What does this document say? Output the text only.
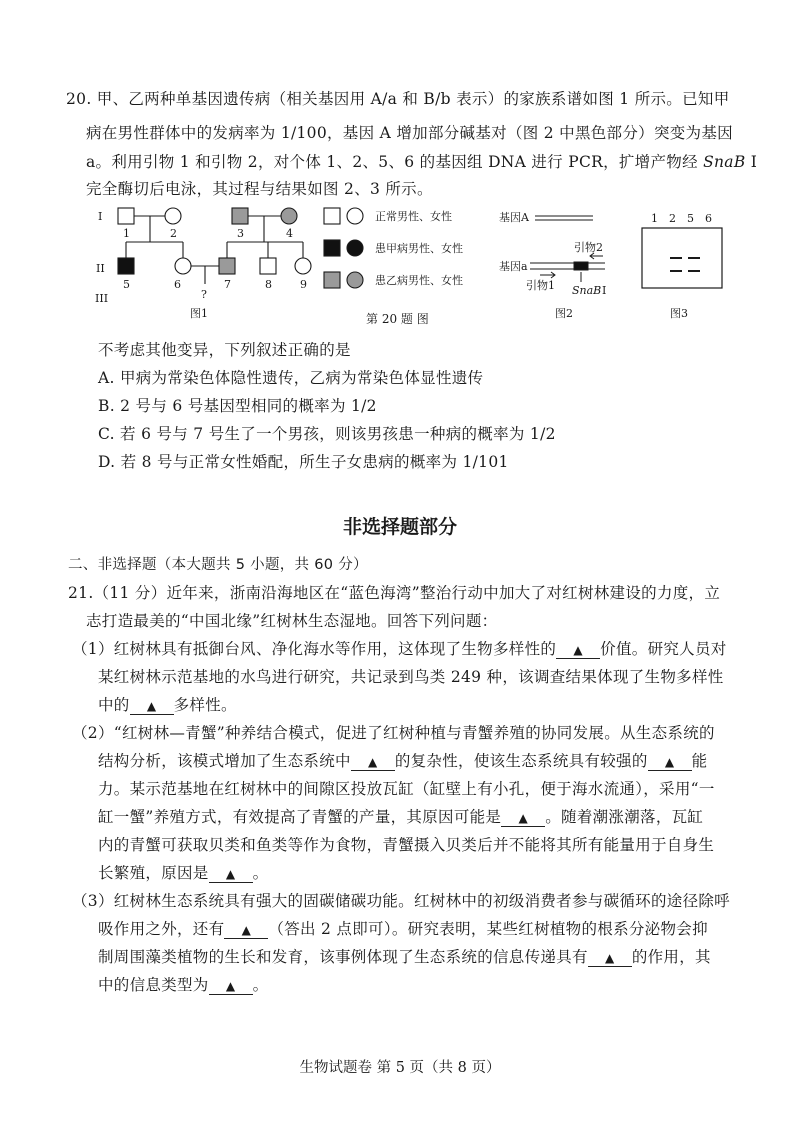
20. 甲、乙两种单基因遗传病（相关基因用 A/a 和 B/b 表示）的家族系谱如图 1 所示。已知甲
病在男性群体中的发病率为 1/100，基因 A 增加部分碱基对（图 2 中黑色部分）突变为基因
a。利用引物 1 和引物 2，对个体 1、2、5、6 的基因组 DNA 进行 PCR，扩增产物经 SnaB I
完全酶切后电泳，其过程与结果如图 2、3 所示。
I
II
III
1	2	3	4
5	6	7	8	9
?
图1
正常男性、女性
患甲病男性、女性
患乙病男性、女性
第 20 题 图
基因A
基因a
引物2
引物1 SnaB I
图2
1 2 5 6
图3
不考虑其他变异，下列叙述正确的是
A. 甲病为常染色体隐性遗传，乙病为常染色体显性遗传
B. 2 号与 6 号基因型相同的概率为 1/2
C. 若 6 号与 7 号生了一个男孩，则该男孩患一种病的概率为 1/2
D. 若 8 号与正常女性婚配，所生子女患病的概率为 1/101
非选择题部分
二、非选择题（本大题共 5 小题，共 60 分）
21.（11 分）近年来，浙南沿海地区在“蓝色海湾”整治行动中加大了对红树林建设的力度，立
志打造最美的“中国北缘”红树林生态湿地。回答下列问题：
（1）红树林具有抵御台风、净化海水等作用，这体现了生物多样性的 ▲ 价值。研究人员对
某红树林示范基地的水鸟进行研究，共记录到鸟类 249 种，该调查结果体现了生物多样性
中的 ▲ 多样性。
（2）“红树林—青蟹”种养结合模式，促进了红树种植与青蟹养殖的协同发展。从生态系统的
结构分析，该模式增加了生态系统中 ▲ 的复杂性，使该生态系统具有较强的 ▲ 能
力。某示范基地在红树林中的间隙区投放瓦缸（缸壁上有小孔，便于海水流通），采用“一
缸一蟹”养殖方式，有效提高了青蟹的产量，其原因可能是 ▲ 。随着潮涨潮落，瓦缸
内的青蟹可获取贝类和鱼类等作为食物，青蟹摄入贝类后并不能将其所有能量用于自身生
长繁殖，原因是 ▲ 。
（3）红树林生态系统具有强大的固碳储碳功能。红树林中的初级消费者参与碳循环的途径除呼
吸作用之外，还有 ▲ （答出 2 点即可）。研究表明，某些红树植物的根系分泌物会抑
制周围藻类植物的生长和发育，该事例体现了生态系统的信息传递具有 ▲ 的作用，其
中的信息类型为 ▲ 。
生物试题卷 第 5 页（共 8 页）
